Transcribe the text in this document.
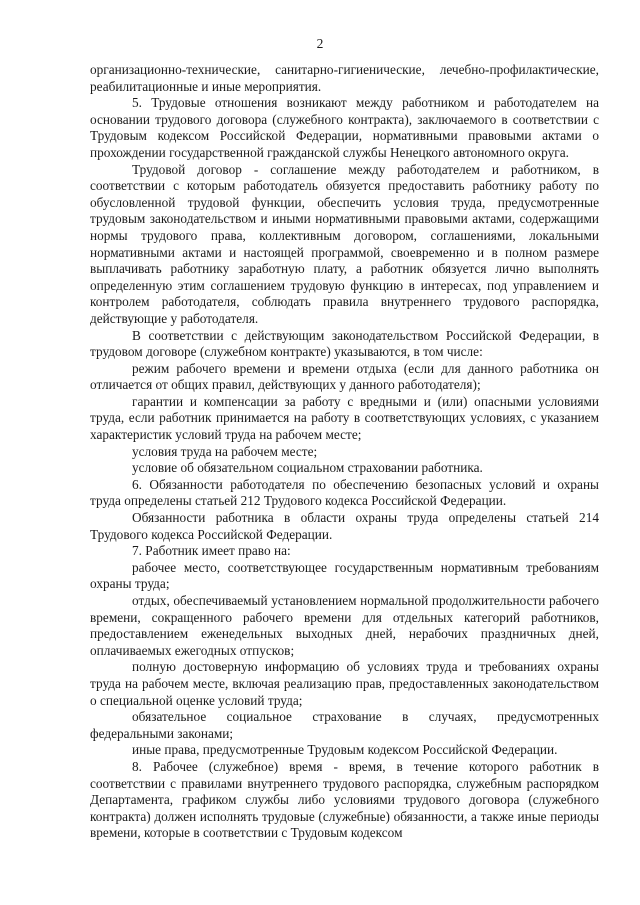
2

организационно-технические, санитарно-гигиенические, лечебно-профилактические, реабилитационные и иные мероприятия.

5. Трудовые отношения возникают между работником и работодателем на основании трудового договора (служебного контракта), заключаемого в соответствии с Трудовым кодексом Российской Федерации, нормативными правовыми актами о прохождении государственной гражданской службы Ненецкого автономного округа.

Трудовой договор - соглашение между работодателем и работником, в соответствии с которым работодатель обязуется предоставить работнику работу по обусловленной трудовой функции, обеспечить условия труда, предусмотренные трудовым законодательством и иными нормативными правовыми актами, содержащими нормы трудового права, коллективным договором, соглашениями, локальными нормативными актами и настоящей программой, своевременно и в полном размере выплачивать работнику заработную плату, а работник обязуется лично выполнять определенную этим соглашением трудовую функцию в интересах, под управлением и контролем работодателя, соблюдать правила внутреннего трудового распорядка, действующие у работодателя.

В соответствии с действующим законодательством Российской Федерации, в трудовом договоре (служебном контракте) указываются, в том числе:

режим рабочего времени и времени отдыха (если для данного работника он отличается от общих правил, действующих у данного работодателя);

гарантии и компенсации за работу с вредными и (или) опасными условиями труда, если работник принимается на работу в соответствующих условиях, с указанием характеристик условий труда на рабочем месте;

условия труда на рабочем месте;

условие об обязательном социальном страховании работника.

6. Обязанности работодателя по обеспечению безопасных условий и охраны труда определены статьей 212 Трудового кодекса Российской Федерации.

Обязанности работника в области охраны труда определены статьей 214 Трудового кодекса Российской Федерации.

7. Работник имеет право на:

рабочее место, соответствующее государственным нормативным требованиям охраны труда;

отдых, обеспечиваемый установлением нормальной продолжительности рабочего времени, сокращенного рабочего времени для отдельных категорий работников, предоставлением еженедельных выходных дней, нерабочих праздничных дней, оплачиваемых ежегодных отпусков;

полную достоверную информацию об условиях труда и требованиях охраны труда на рабочем месте, включая реализацию прав, предоставленных законодательством о специальной оценке условий труда;

обязательное социальное страхование в случаях, предусмотренных федеральными законами;

иные права, предусмотренные Трудовым кодексом Российской Федерации.

8. Рабочее (служебное) время - время, в течение которого работник в соответствии с правилами внутреннего трудового распорядка, служебным распорядком Департамента, графиком службы либо условиями трудового договора (служебного контракта) должен исполнять трудовые (служебные) обязанности, а также иные периоды времени, которые в соответствии с Трудовым кодексом
